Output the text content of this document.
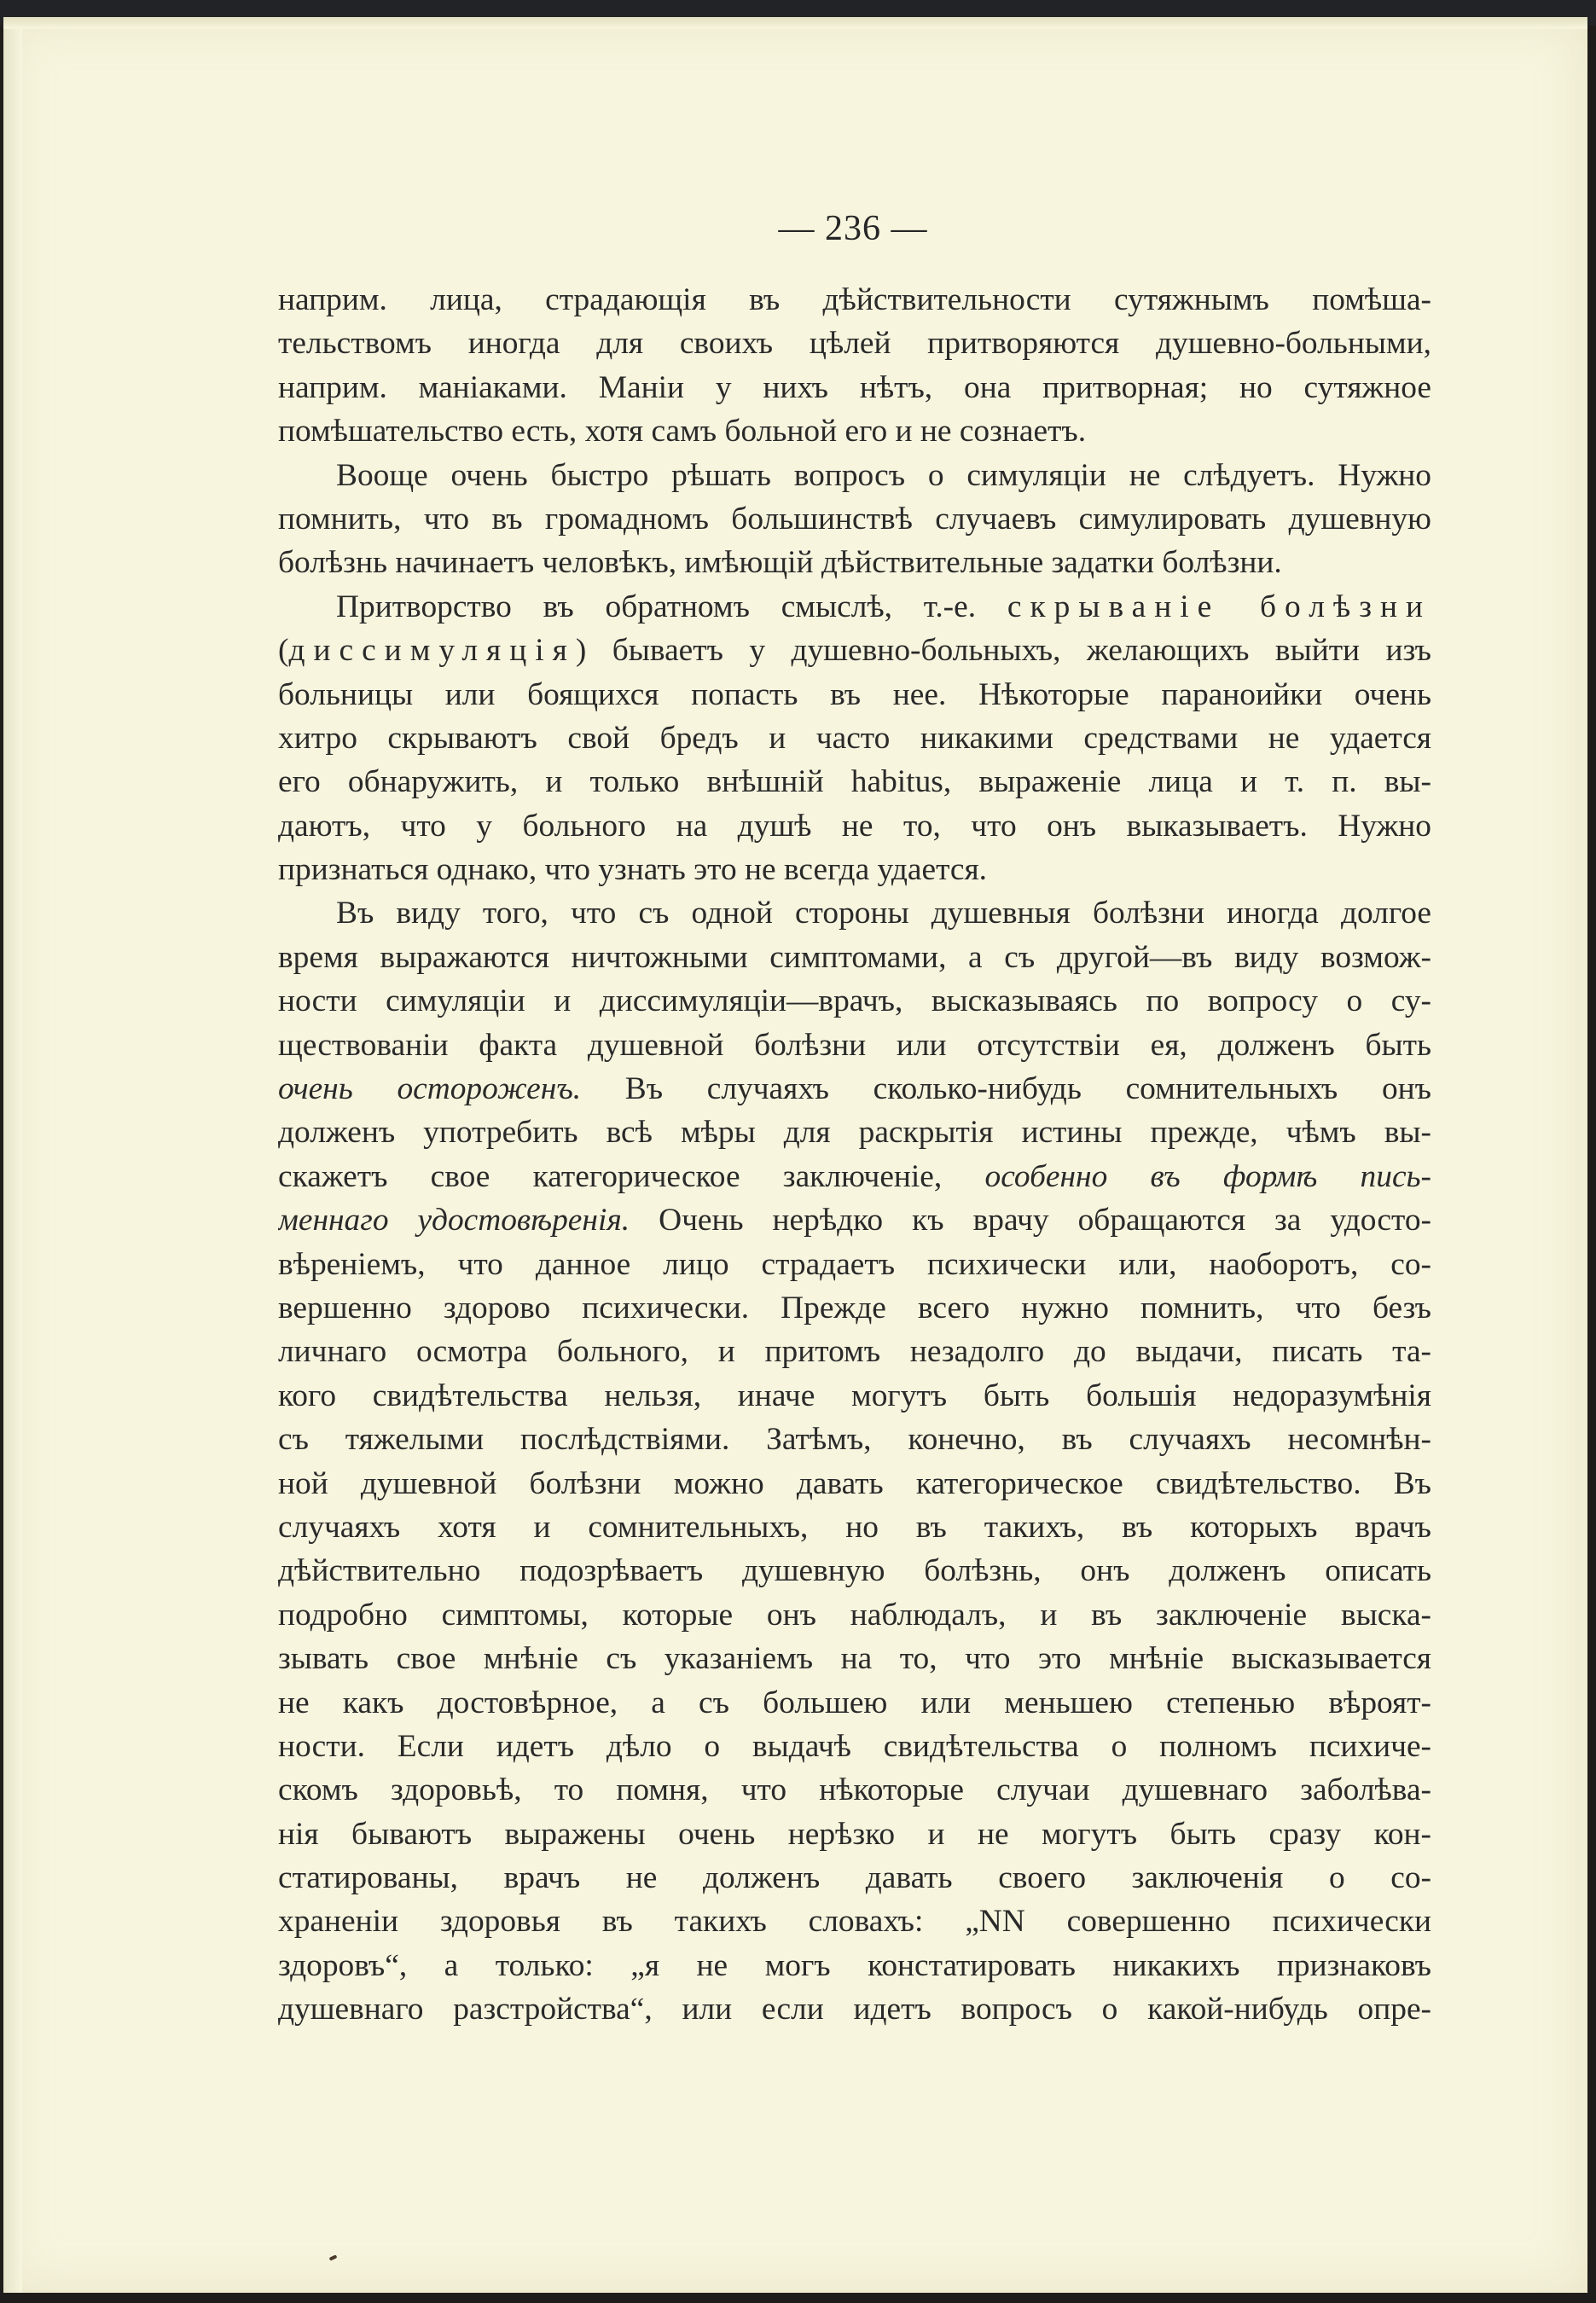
— 236 —
наприм. лица, страдающія въ дѣйствительности сутяжнымъ помѣша-
тельствомъ иногда для своихъ цѣлей притворяются душевно-больными,
наприм. маніаками. Маніи у нихъ нѣтъ, она притворная; но сутяжное
помѣшательство есть, хотя самъ больной его и не сознаетъ.
Вооще очень быстро рѣшать вопросъ о симуляціи не слѣдуетъ. Нужно
помнить, что въ громадномъ большинствѣ случаевъ симулировать душевную
болѣзнь начинаетъ человѣкъ, имѣющій дѣйствительные задатки болѣзни.
Притворство въ обратномъ смыслѣ, т.-е. скрываніе болѣзни
(диссимуляція) бываетъ у душевно-больныхъ, желающихъ выйти изъ
больницы или боящихся попасть въ нее. Нѣкоторые параноийки очень
хитро скрываютъ свой бредъ и часто никакими средствами не удается
его обнаружить, и только внѣшній habitus, выраженіе лица и т. п. вы-
даютъ, что у больного на душѣ не то, что онъ выказываетъ. Нужно
признаться однако, что узнать это не всегда удается.
Въ виду того, что съ одной стороны душевныя болѣзни иногда долгое
время выражаются ничтожными симптомами, а съ другой—въ виду возмож-
ности симуляціи и диссимуляціи—врачъ, высказываясь по вопросу о су-
ществованіи факта душевной болѣзни или отсутствіи ея, долженъ быть
очень остороженъ. Въ случаяхъ сколько-нибудь сомнительныхъ онъ
долженъ употребить всѣ мѣры для раскрытія истины прежде, чѣмъ вы-
скажетъ свое категорическое заключеніе, особенно въ формѣ пись-
меннаго удостовѣренія. Очень нерѣдко къ врачу обращаются за удосто-
вѣреніемъ, что данное лицо страдаетъ психически или, наоборотъ, со-
вершенно здорово психически. Прежде всего нужно помнить, что безъ
личнаго осмотра больного, и притомъ незадолго до выдачи, писать та-
кого свидѣтельства нельзя, иначе могутъ быть большія недоразумѣнія
съ тяжелыми послѣдствіями. Затѣмъ, конечно, въ случаяхъ несомнѣн-
ной душевной болѣзни можно давать категорическое свидѣтельство. Въ
случаяхъ хотя и сомнительныхъ, но въ такихъ, въ которыхъ врачъ
дѣйствительно подозрѣваетъ душевную болѣзнь, онъ долженъ описать
подробно симптомы, которые онъ наблюдалъ, и въ заключеніе выска-
зывать свое мнѣніе съ указаніемъ на то, что это мнѣніе высказывается
не какъ достовѣрное, а съ большею или меньшею степенью вѣроят-
ности. Если идетъ дѣло о выдачѣ свидѣтельства о полномъ психиче-
скомъ здоровьѣ, то помня, что нѣкоторые случаи душевнаго заболѣва-
нія бываютъ выражены очень нерѣзко и не могутъ быть сразу кон-
статированы, врачъ не долженъ давать своего заключенія о со-
храненіи здоровья въ такихъ словахъ: „NN совершенно психически
здоровъ“, а только: „я не могъ констатировать никакихъ признаковъ
душевнаго разстройства“, или если идетъ вопросъ о какой-нибудь опре-
